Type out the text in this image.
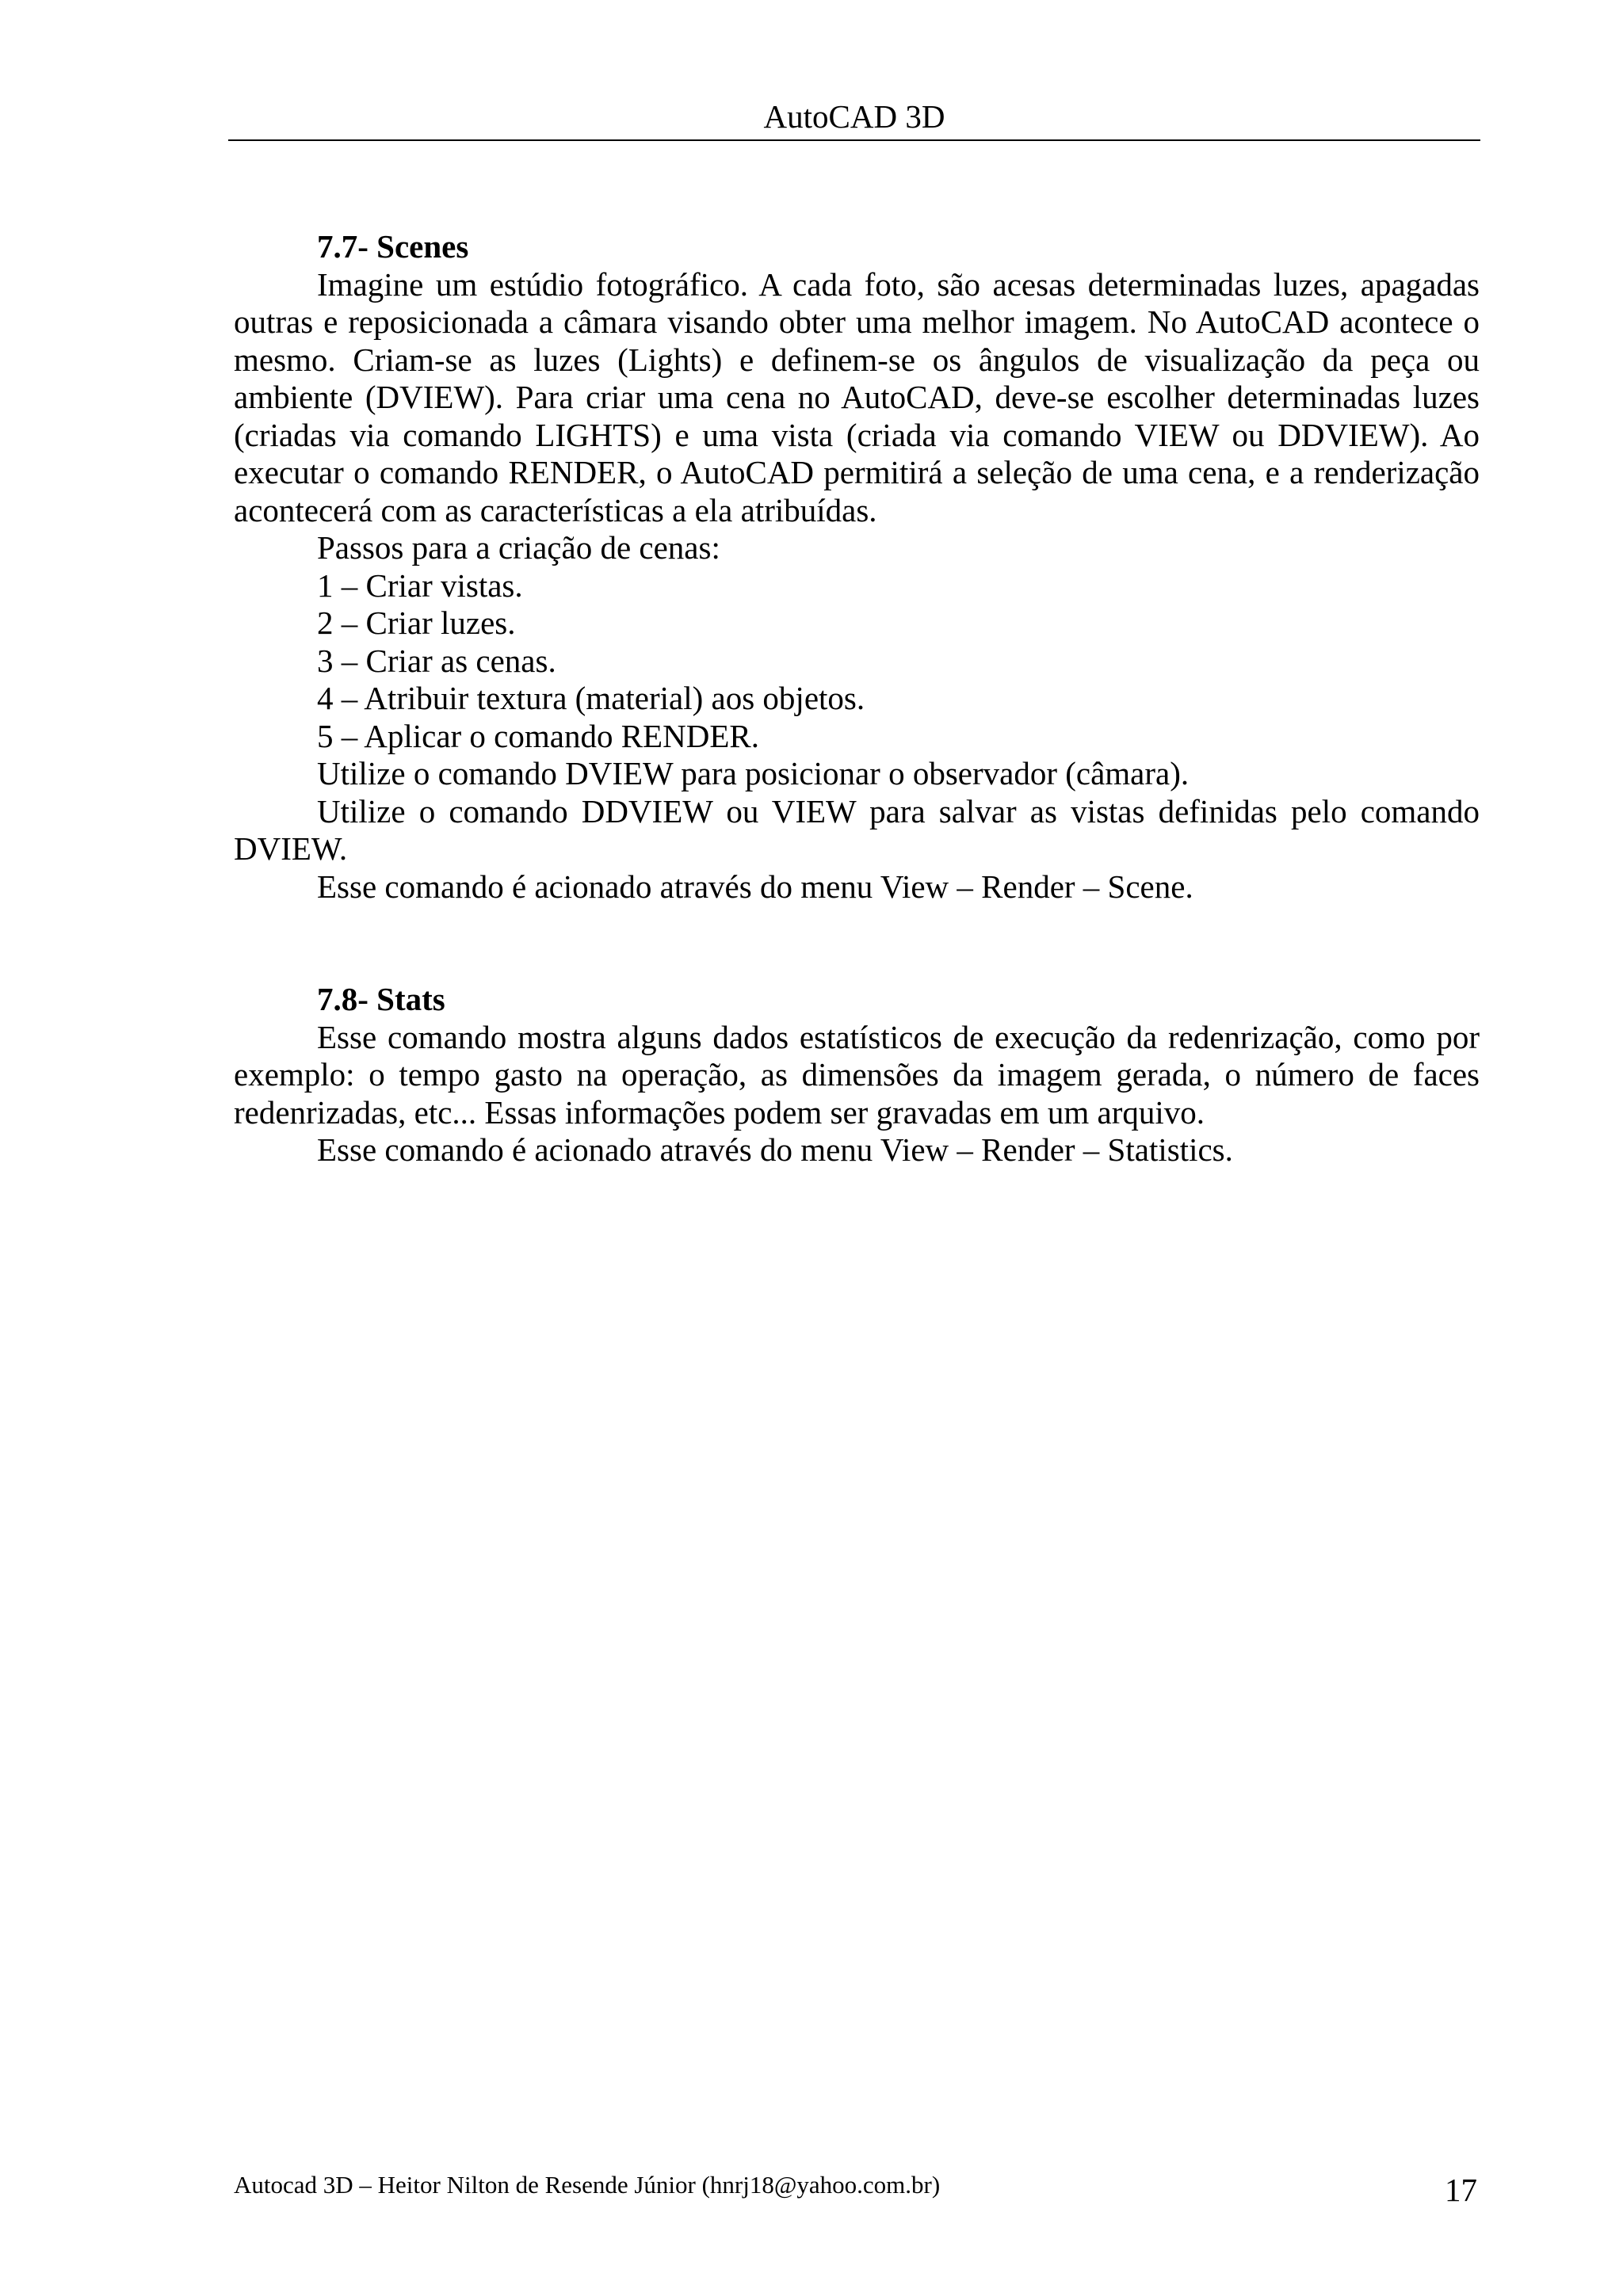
AutoCAD 3D

7.7- Scenes

Imagine um estúdio fotográfico. A cada foto, são acesas determinadas luzes, apagadas outras e reposicionada a câmara visando obter uma melhor imagem. No AutoCAD acontece o mesmo. Criam-se as luzes (Lights) e definem-se os ângulos de visualização da peça ou ambiente (DVIEW). Para criar uma cena no AutoCAD, deve-se escolher determinadas luzes (criadas via comando LIGHTS) e uma vista (criada via comando VIEW ou DDVIEW). Ao executar o comando RENDER, o AutoCAD permitirá a seleção de uma cena, e a renderização acontecerá com as características a ela atribuídas.

Passos para a criação de cenas:

1 – Criar vistas.

2 – Criar luzes.

3 – Criar as cenas.

4 – Atribuir textura (material) aos objetos.

5 – Aplicar o comando RENDER.

Utilize o comando DVIEW para posicionar o observador (câmara).

Utilize o comando DDVIEW ou VIEW para salvar as vistas definidas pelo comando DVIEW.

Esse comando é acionado através do menu View – Render – Scene.

7.8- Stats

Esse comando mostra alguns dados estatísticos de execução da redenrização, como por exemplo: o tempo gasto na operação, as dimensões da imagem gerada, o número de faces redenrizadas, etc... Essas informações podem ser gravadas em um arquivo.

Esse comando é acionado através do menu View – Render – Statistics.

Autocad 3D – Heitor Nilton de Resende Júnior (hnrj18@yahoo.com.br)	17
